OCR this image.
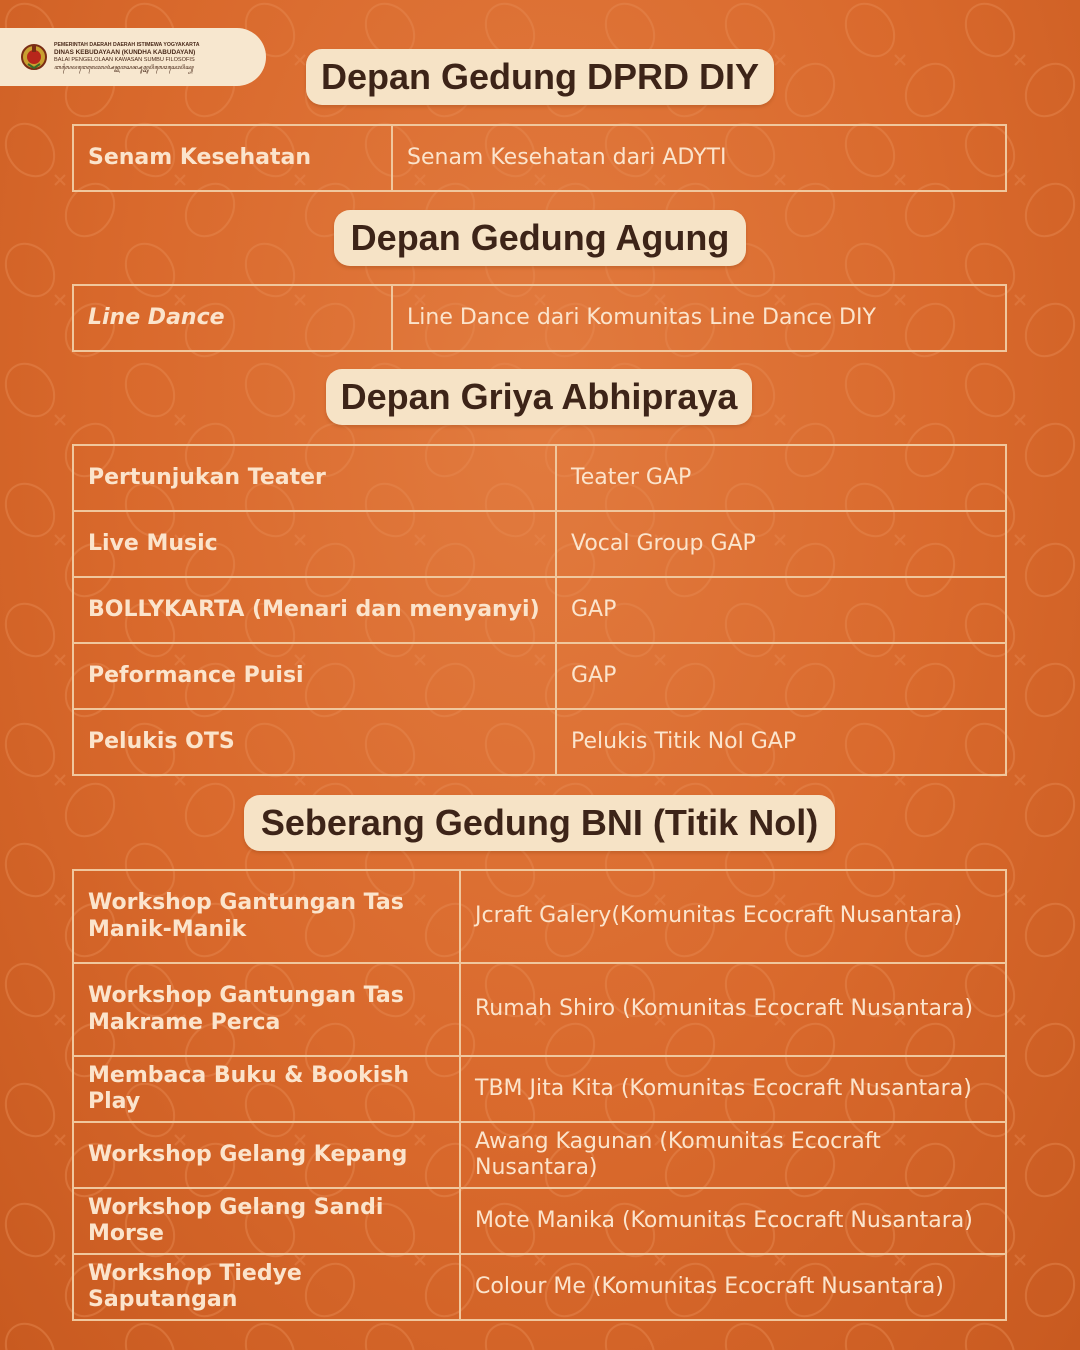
PEMERINTAH DAERAH DAERAH ISTIMEWA YOGYAKARTA
DINAS KEBUDAYAAN (KUNDHA KABUDAYAN)
BALAI PENGELOLAAN KAWASAN SUMBU FILOSOFIS
ꦧꦭꦻꦥꦔꦺꦭꦺꦴꦭꦄꦤ꧀ꦏꦮꦱꦤ꧀ꦱꦸꦩ꧀ꦧꦸꦥ꦳ꦶꦭꦺꦴꦱꦺꦴꦥ꦳ꦶꦱ꧀	Depan Gedung DPRD DIY
Senam Kesehatan	Senam Kesehatan dari ADYTI
Depan Gedung Agung
Line Dance	Line Dance dari Komunitas Line Dance DIY
Depan Griya Abhipraya
Pertunjukan Teater	Teater GAP
Live Music	Vocal Group GAP
BOLLYKARTA (Menari dan menyanyi)	GAP
Peformance Puisi	GAP
Pelukis OTS	Pelukis Titik Nol GAP
Seberang Gedung BNI (Titik Nol)
Workshop Gantungan Tas Manik-Manik	Jcraft Galery(Komunitas Ecocraft Nusantara)
Workshop Gantungan Tas Makrame Perca	Rumah Shiro (Komunitas Ecocraft Nusantara)
Membaca Buku & Bookish Play	TBM Jita Kita (Komunitas Ecocraft Nusantara)
Workshop Gelang Kepang	Awang Kagunan (Komunitas Ecocraft Nusantara)
Workshop Gelang Sandi Morse	Mote Manika (Komunitas Ecocraft Nusantara)
Workshop Tiedye Saputangan	Colour Me (Komunitas Ecocraft Nusantara)
